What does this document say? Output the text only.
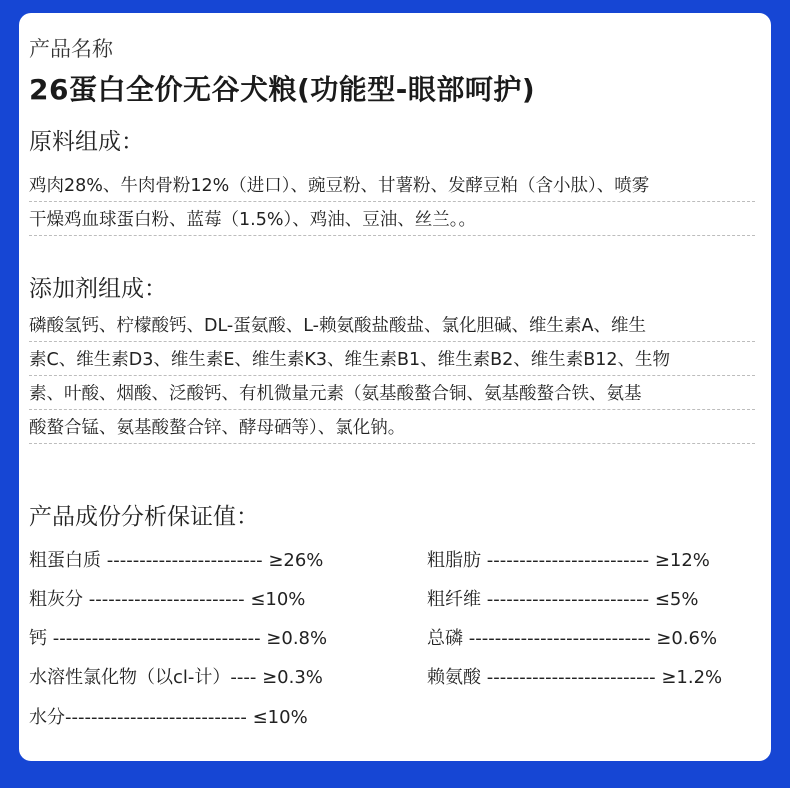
产品名称
26蛋白全价无谷犬粮(功能型-眼部呵护)
原料组成：
鸡肉28%、牛肉骨粉12%（进口）、豌豆粉、甘薯粉、发酵豆粕（含小肽）、喷雾
干燥鸡血球蛋白粉、蓝莓（1.5%）、鸡油、豆油、丝兰。。
添加剂组成：
磷酸氢钙、柠檬酸钙、DL-蛋氨酸、L-赖氨酸盐酸盐、氯化胆碱、维生素A、维生
素C、维生素D3、维生素E、维生素K3、维生素B1、维生素B2、维生素B12、生物
素、叶酸、烟酸、泛酸钙、有机微量元素（氨基酸螯合铜、氨基酸螯合铁、氨基
酸螯合锰、氨基酸螯合锌、酵母硒等）、氯化钠。
产品成份分析保证值：
粗蛋白质 ------------------------ ≥26%
粗灰分 ------------------------ ≤10%
钙 -------------------------------- ≥0.8%
水溶性氯化物（以cl-计）---- ≥0.3%
水分---------------------------- ≤10%
粗脂肪 ------------------------- ≥12%
粗纤维 ------------------------- ≤5%
总磷 ---------------------------- ≥0.6%
赖氨酸 -------------------------- ≥1.2%
